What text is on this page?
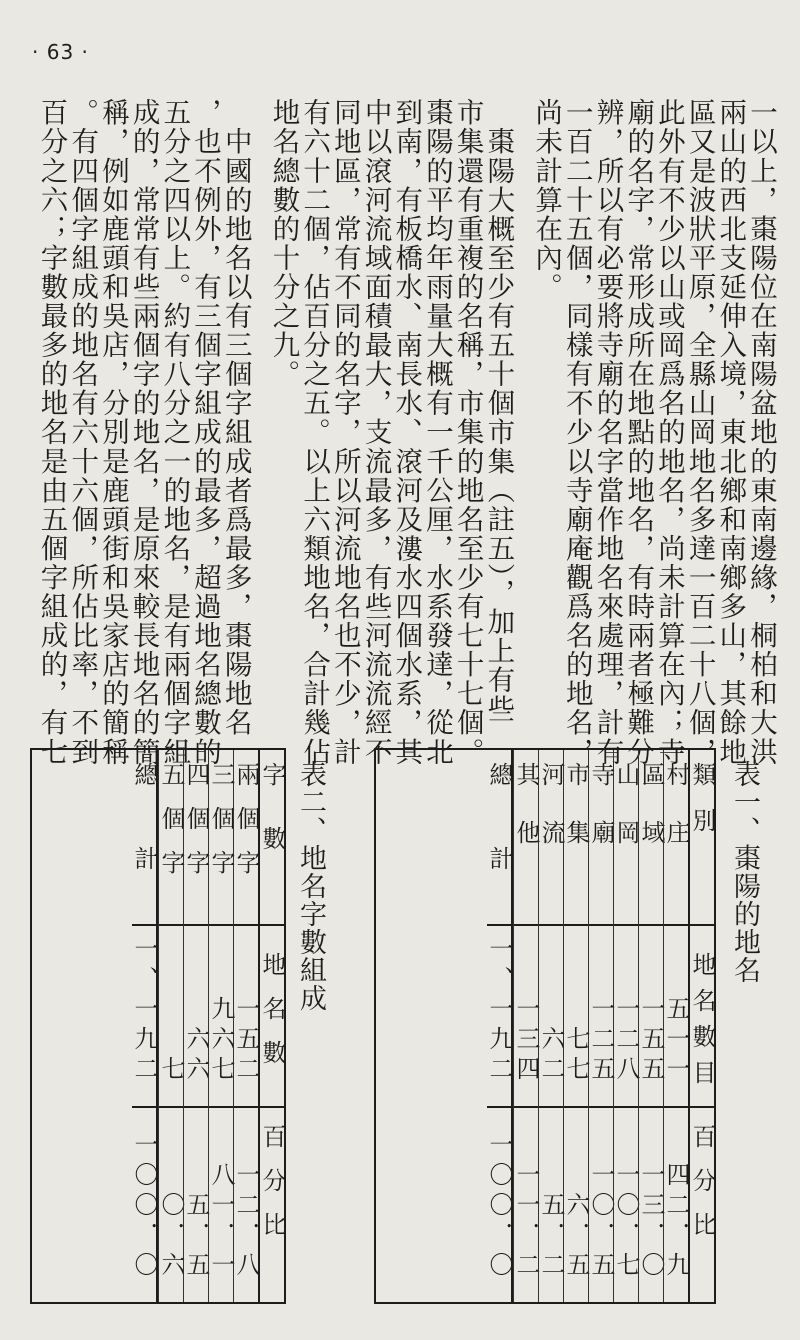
· 63 ·

一以上，棗陽位在南陽盆地的東南邊緣，桐柏和大洪

兩山的西北支延伸入境，東北鄉和南鄉多山，其餘地

區又是波狀平原，全縣山岡地名多達一百二十八個，

此外有不少以山或岡爲名的地名，尚未計算在內；寺

廟的名字，常形成所在地點的地名，有時兩者極難分

辨，所以有必要將寺廟的名字當作地名來處理，計有

一百二十五個，同樣有不少以寺廟庵觀爲名的地名，

尚未計算在內。

　棗陽大概至少有五十個市集（註五），加上有些

市集還有重複的名稱，市集的地名至少有七十七個。

棗陽的平均年雨量大概有一千公厘，水系發達，從北

到南，有板橋水、南長水、滾河及漊水四個水系，其

中以滾河流域面積最大，支流最多，有些河流流經不

同地區，常有不同的名字，所以河流地名也不少，計

有六十二個，佔百分之五。以上六類地名，合計幾佔

地名總數的十分之九。

　中國的地名以有三個字組成者爲最多，棗陽地名

，也不例外，有三個字組成的最多，超過地名總數的

五分之四以上。約有八分之一的地名，是有兩個字組

成的，常常有些兩個字的地名，是原來較長地名的簡

稱，例如鹿頭和吳店，分別是鹿頭街和吳家店的簡稱

。有四個字組成的地名有六十六個，所佔比率，不到

百分之六；字數最多的地名是由五個字組成的，有七

表一、棗陽的地名
類別
地名數目
百分比
村庄
五一一
四二．九
區域
一五五
一三．〇
山岡
一二八
一〇．七
寺廟
一二五
一〇．五
市集
七七
六．五
河流
六二
五．二
其他
一三四
一一．二
總計
一、一九二
一〇〇．〇
表二、地名字數組成
字數
地名數
百分比
兩個字
一五二
一二．八
三個字
九六七
八一．一
四個字
六六
五．五
五個字
七
〇．六
總計
一、一九二
一〇〇．〇
